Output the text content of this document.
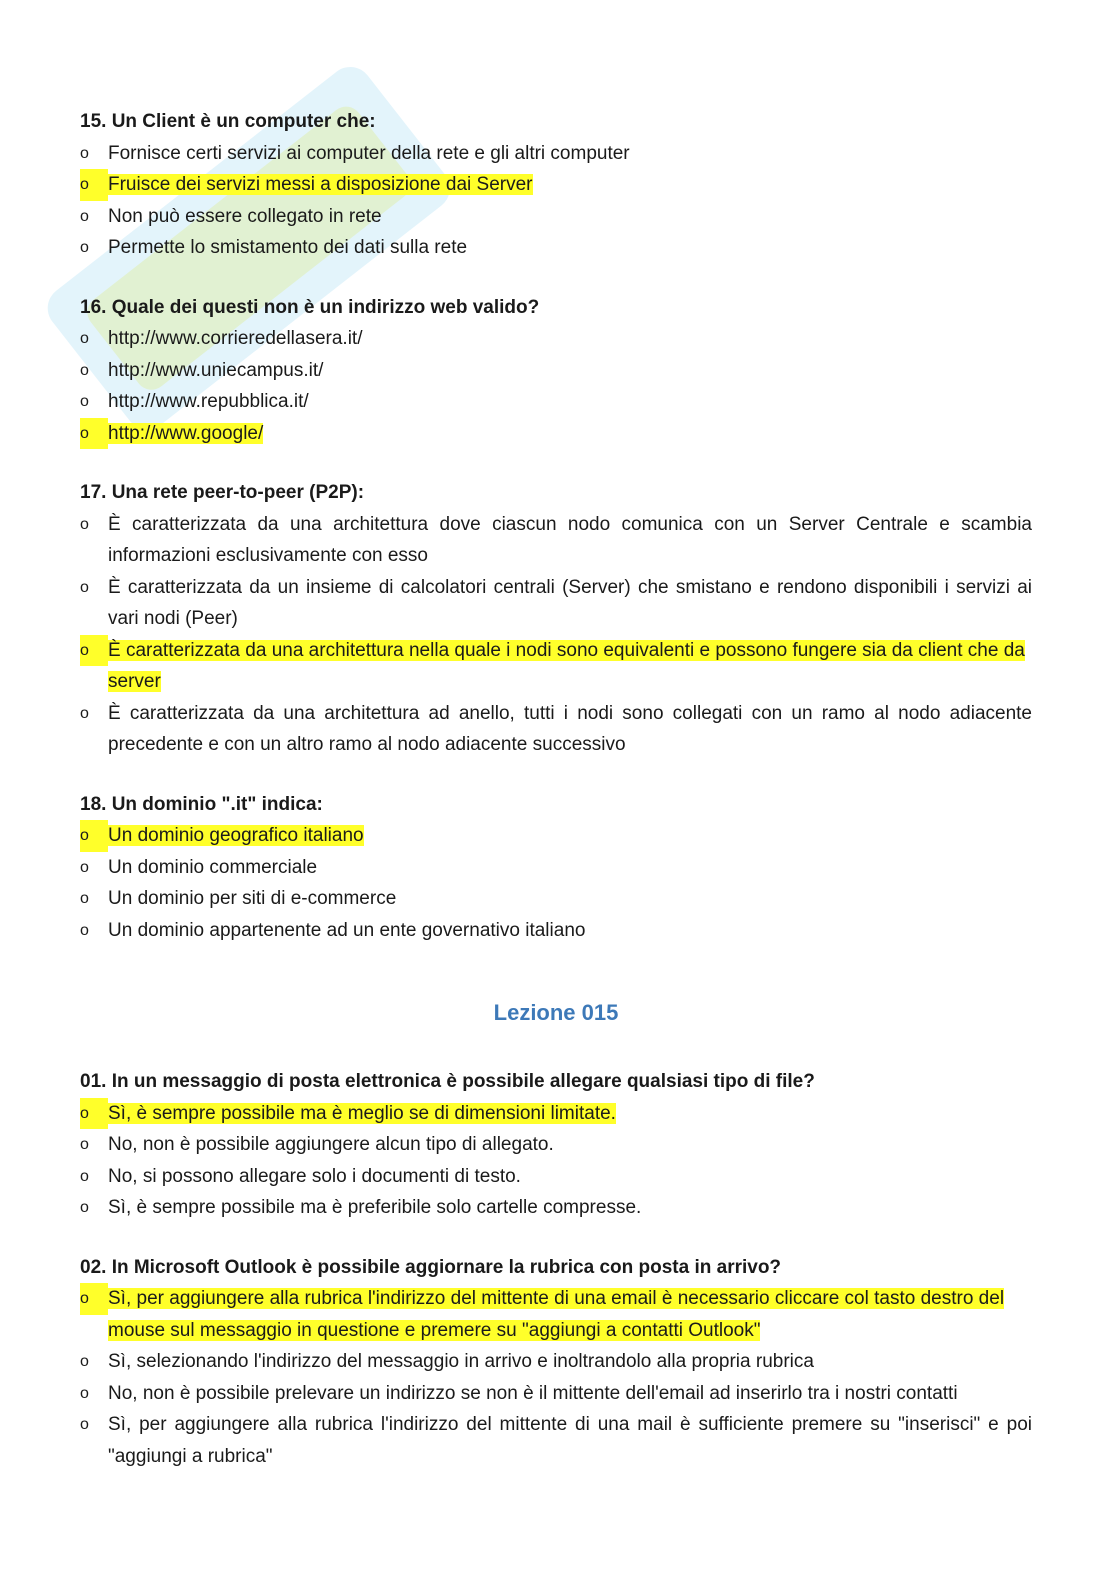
15. Un Client è un computer che:

o	Fornisce certi servizi ai computer della rete e gli altri computer
o	Fruisce dei servizi messi a disposizione dai Server
o	Non può essere collegato in rete
o	Permette lo smistamento dei dati sulla rete

16. Quale dei questi non è un indirizzo web valido?

o	http://www.corrieredellasera.it/
o	http://www.uniecampus.it/
o	http://www.repubblica.it/
o	http://www.google/

17. Una rete peer-to-peer (P2P):

o	È caratterizzata da una architettura dove ciascun nodo comunica con un Server Centrale e scambia informazioni esclusivamente con esso
o	È caratterizzata da un insieme di calcolatori centrali (Server) che smistano e rendono disponibili i servizi ai vari nodi (Peer)
o	È caratterizzata da una architettura nella quale i nodi sono equivalenti e possono fungere sia da client che da server
o	È caratterizzata da una architettura ad anello, tutti i nodi sono collegati con un ramo al nodo adiacente precedente e con un altro ramo al nodo adiacente successivo

18. Un dominio ".it" indica:

o	Un dominio geografico italiano
o	Un dominio commerciale
o	Un dominio per siti di e-commerce
o	Un dominio appartenente ad un ente governativo italiano
Lezione 015

01. In un messaggio di posta elettronica è possibile allegare qualsiasi tipo di file?

o	Sì, è sempre possibile ma è meglio se di dimensioni limitate.
o	No, non è possibile aggiungere alcun tipo di allegato.
o	No, si possono allegare solo i documenti di testo.
o	Sì, è sempre possibile ma è preferibile solo cartelle compresse.

02. In Microsoft Outlook è possibile aggiornare la rubrica con posta in arrivo?

o	Sì, per aggiungere alla rubrica l'indirizzo del mittente di una email è necessario cliccare col tasto destro del mouse sul messaggio in questione e premere su "aggiungi a contatti Outlook"
o	Sì, selezionando l'indirizzo del messaggio in arrivo e inoltrandolo alla propria rubrica
o	No, non è possibile prelevare un indirizzo se non è il mittente dell'email ad inserirlo tra i nostri contatti
o	Sì, per aggiungere alla rubrica l'indirizzo del mittente di una mail è sufficiente premere su "inserisci" e poi "aggiungi a rubrica"
